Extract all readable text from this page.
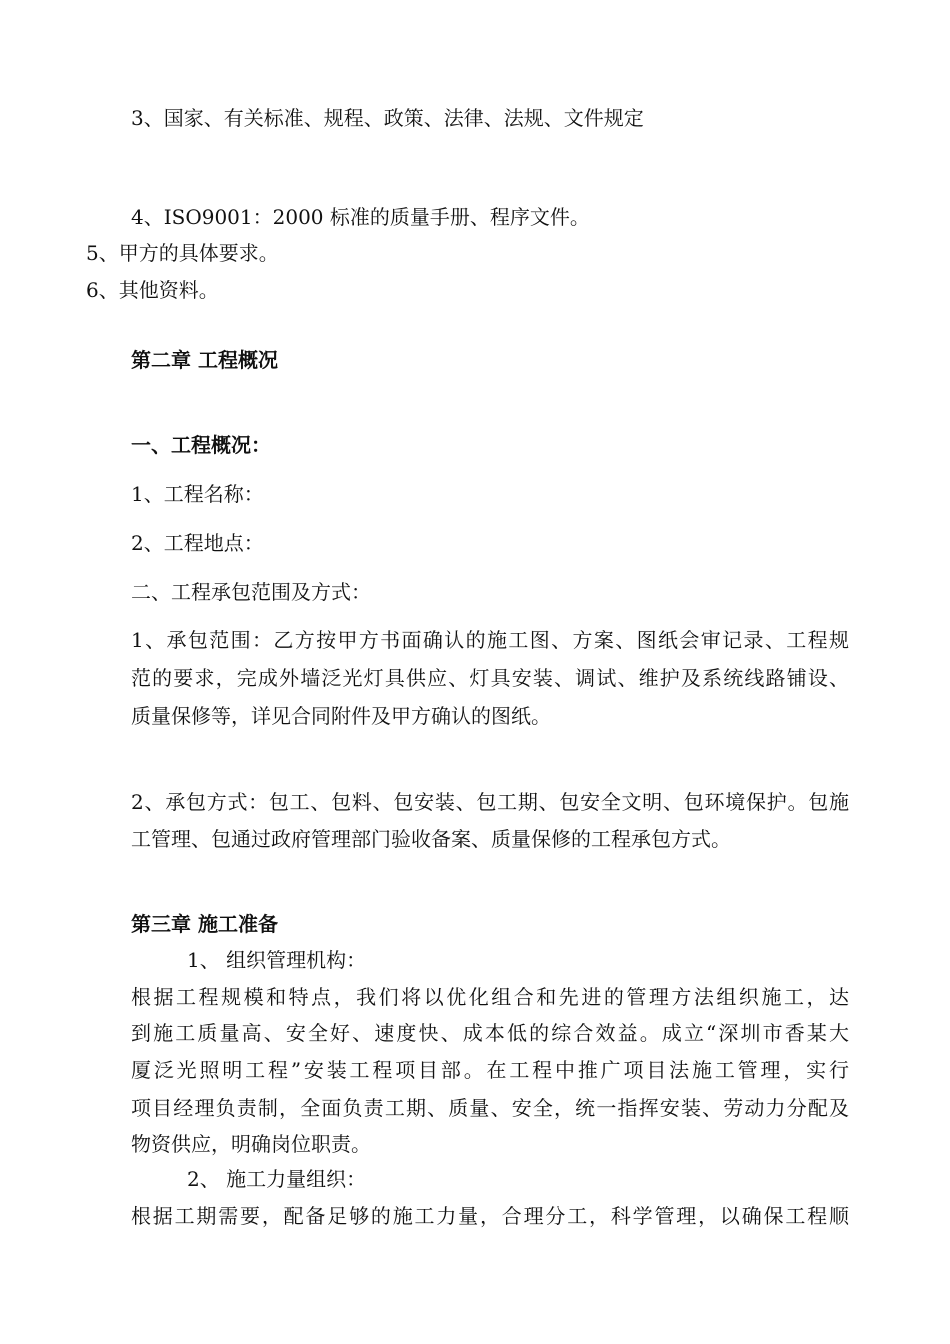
3、国家、有关标准、规程、政策、法律、法规、文件规定
4、ISO9001：2000 标准的质量手册、程序文件。
5、甲方的具体要求。
6、其他资料。
第二章 工程概况
一、工程概况：
1、工程名称：
2、工程地点：
二、工程承包范围及方式：
1、承包范围：乙方按甲方书面确认的施工图、方案、图纸会审记录、工程规
范的要求，完成外墙泛光灯具供应、灯具安装、调试、维护及系统线路铺设、
质量保修等，详见合同附件及甲方确认的图纸。
2、承包方式：包工、包料、包安装、包工期、包安全文明、包环境保护。包施
工管理、包通过政府管理部门验收备案、质量保修的工程承包方式。
第三章 施工准备
1、 组织管理机构：
根据工程规模和特点，我们将以优化组合和先进的管理方法组织施工，达
到施工质量高、安全好、速度快、成本低的综合效益。成立“深圳市香某大
厦泛光照明工程”安装工程项目部。在工程中推广项目法施工管理，实行
项目经理负责制，全面负责工期、质量、安全，统一指挥安装、劳动力分配及
物资供应，明确岗位职责。
2、 施工力量组织：
根据工期需要，配备足够的施工力量，合理分工，科学管理，以确保工程顺
